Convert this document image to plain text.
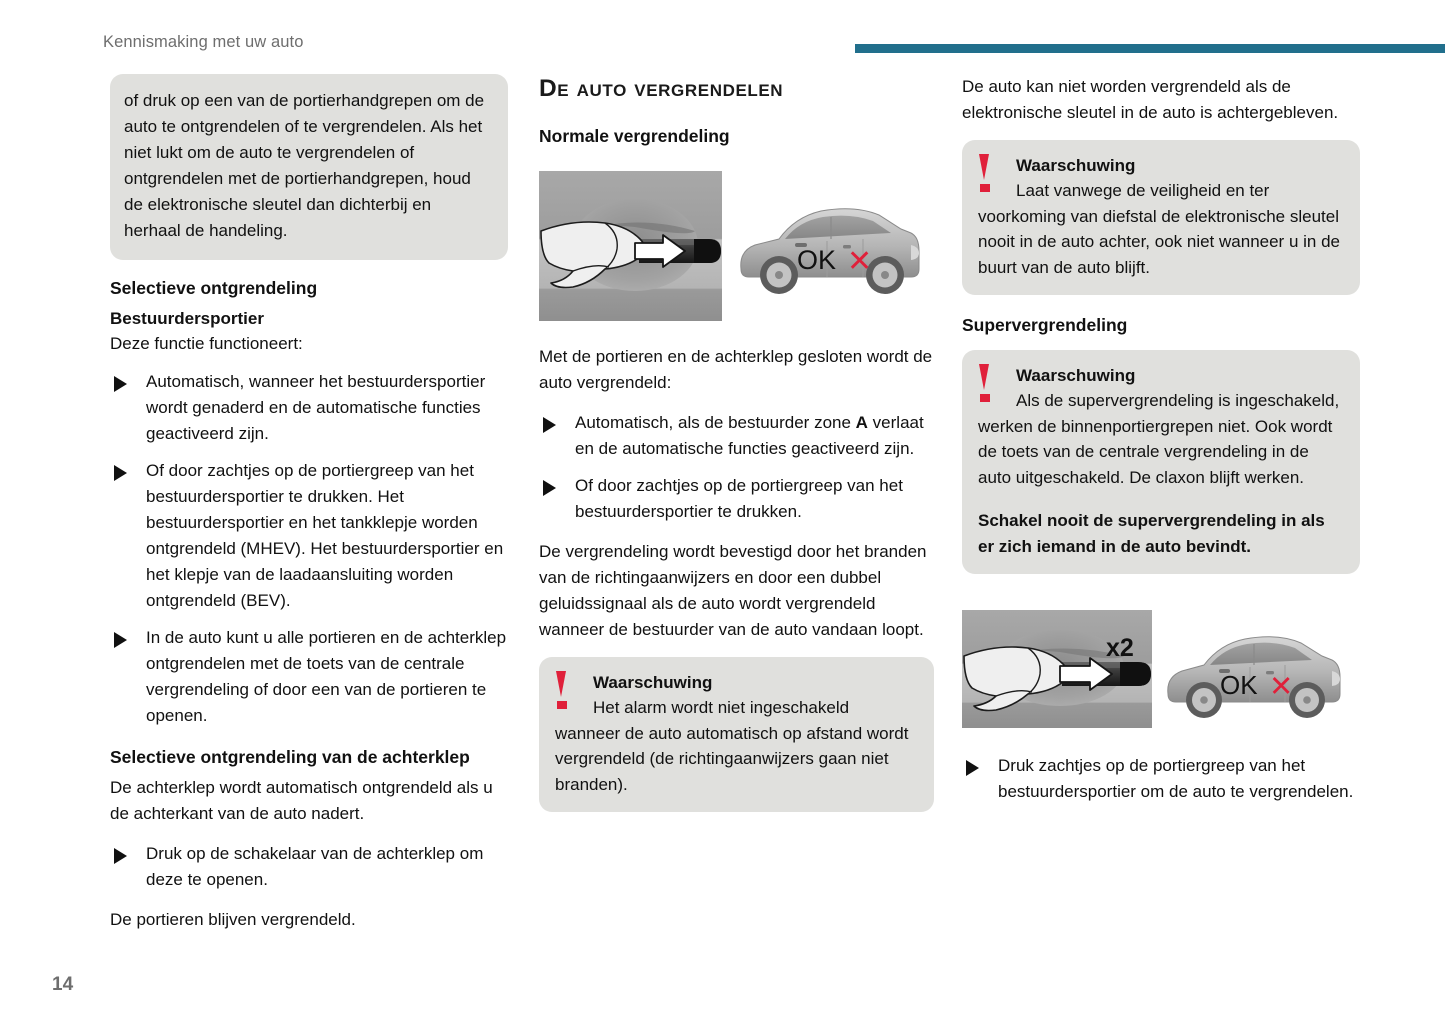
Kennismaking met uw auto

of druk op een van de portierhandgrepen om de auto te ontgrendelen of te vergrendelen. Als het niet lukt om de auto te vergrendelen of ontgrendelen met de portierhandgrepen, houd de elektronische sleutel dan dichterbij en herhaal de handeling.

Selectieve ontgrendeling
Bestuurdersportier

Deze functie functioneert:

Automatisch, wanneer het bestuurdersportier wordt genaderd en de automatische functies geactiveerd zijn.
Of door zachtjes op de portiergreep van het bestuurdersportier te drukken. Het bestuurdersportier en het tankklepje worden ontgrendeld (MHEV). Het bestuurdersportier en het klepje van de laadaansluiting worden ontgrendeld (BEV).
In de auto kunt u alle portieren en de achterklep ontgrendelen met de toets van de centrale vergrendeling of door een van de portieren te openen.
Selectieve ontgrendeling van de achterklep

De achterklep wordt automatisch ontgrendeld als u de achterkant van de auto nadert.

Druk op de schakelaar van de achterklep om deze te openen.

De portieren blijven vergrendeld.

De auto vergrendelen
Normale vergrendeling
OK ✕

Met de portieren en de achterklep gesloten wordt de auto vergrendeld:

Automatisch, als de bestuurder zone A verlaat en de automatische functies geactiveerd zijn.
Of door zachtjes op de portiergreep van het bestuurdersportier te drukken.

De vergrendeling wordt bevestigd door het branden van de richtingaanwijzers en door een dubbel geluidssignaal als de auto wordt vergrendeld wanneer de bestuurder van de auto vandaan loopt.

Waarschuwing

Het alarm wordt niet ingeschakeld wanneer de auto automatisch op afstand wordt vergrendeld (de richtingaanwijzers gaan niet branden).

De auto kan niet worden vergrendeld als de elektronische sleutel in de auto is achtergebleven.

Waarschuwing

Laat vanwege de veiligheid en ter voorkoming van diefstal de elektronische sleutel nooit in de auto achter, ook niet wanneer u in de buurt van de auto blijft.

Supervergrendeling

Waarschuwing

Als de supervergrendeling is ingeschakeld, werken de binnenportiergrepen niet. Ook wordt de toets van de centrale vergrendeling in de auto uitgeschakeld. De claxon blijft werken.

Schakel nooit de supervergrendeling in als er zich iemand in de auto bevindt.

x2
OK ✕
Druk zachtjes op de portiergreep van het bestuurdersportier om de auto te vergrendelen.
14
